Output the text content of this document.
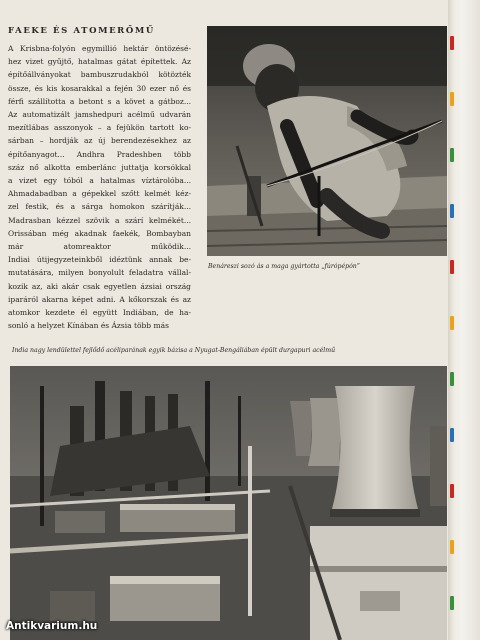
FAEKE ÉS ATOMERŐMŰ
A Krisbna-folyón egymillió hektár öntözésé-
hez vizet gyűjtő, hatalmas gátat építettek. Az
építőállványokat bambuszrudakból kötözték
össze, és kis kosarakkal a fején 30 ezer nő és
férfi szállította a betont s a követ a gátboz...
Az automatizált jamshedpuri acélmű udvarán
mezítlábas asszonyok – a fejükön tartott ko-
sárban – hordják az új berendezésekhez az
építőanyagot... Andhra Pradeshben több
száz nő alkotta emberlánc juttatja korsókkal
a vizet egy tóból a hatalmas víztárolóba...
Ahmadabadban a gépekkel szőtt kelmét kéz-
zel festik, és a sárga homokon szárítják...
Madrasban kézzel szövik a szárí kelmékét...
Orissában még akadnak faekék, Bombayban
már atomreaktor működik...
Indiai útijegyzeteinkből idéztünk annak be-
mutatására, milyen bonyolult feladatra vállal-
kozik az, aki akár csak egyetlen ázsiai ország
iparáról akarna képet adni. A kőkorszak és az
atomkor kezdete él együtt Indiában, de ha-
sonló a helyzet Kínában és Ázsia több más
Benáreszi sozó ás a maga gyártotta „fúrópépón”
India nagy lendülettel fejlődő acéliparának egyik bázisa a Nyugat-Bengáliában épült durgapuri acélmű
Antikvarium.hu
